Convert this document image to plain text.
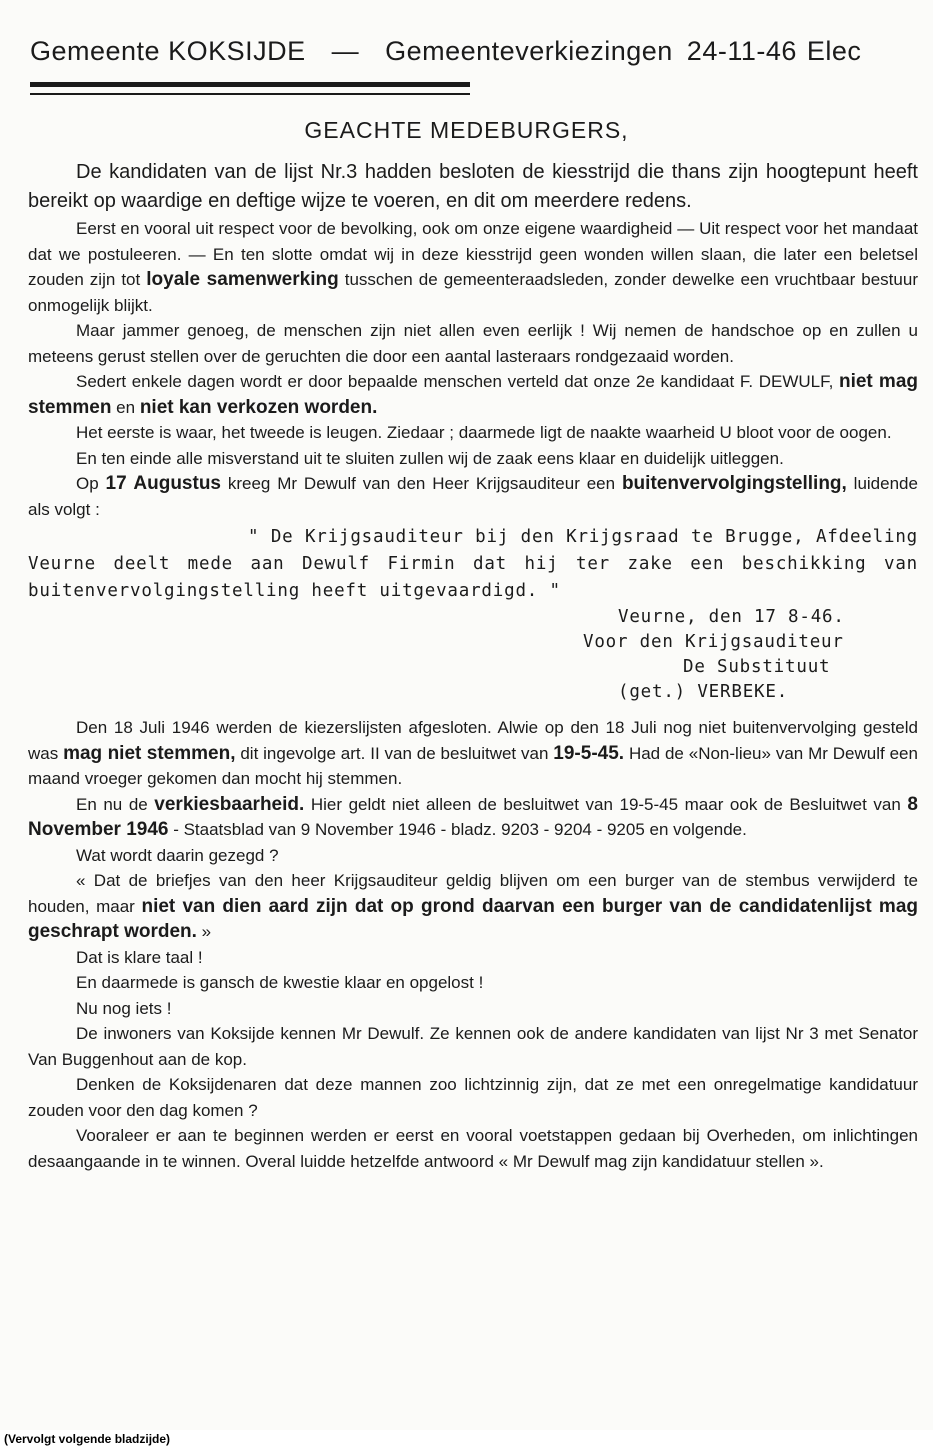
Gemeente KOKSIJDE — Gemeenteverkiezingen 24-11-46 Elec
GEACHTE MEDEBURGERS,

De kandidaten van de lijst Nr.3 hadden besloten de kiesstrijd die thans zijn hoogtepunt heeft bereikt op waardige en deftige wijze te voeren, en dit om meerdere redens.

Eerst en vooral uit respect voor de bevolking, ook om onze eigene waardigheid — Uit respect voor het mandaat dat we postuleeren. — En ten slotte omdat wij in deze kiesstrijd geen wonden willen slaan, die later een beletsel zouden zijn tot loyale samenwerking tusschen de gemeenteraadsleden, zonder dewelke een vruchtbaar bestuur onmogelijk blijkt.

Maar jammer genoeg, de menschen zijn niet allen even eerlijk ! Wij nemen de handschoe op en zullen u meteens gerust stellen over de geruchten die door een aantal lasteraars rondgezaaid worden.

Sedert enkele dagen wordt er door bepaalde menschen verteld dat onze 2e kandidaat F. DEWULF, niet mag stemmen en niet kan verkozen worden.

Het eerste is waar, het tweede is leugen. Ziedaar ; daarmede ligt de naakte waarheid U bloot voor de oogen.

En ten einde alle misverstand uit te sluiten zullen wij de zaak eens klaar en duidelijk uitleggen.

Op 17 Augustus kreeg Mr Dewulf van den Heer Krijgsauditeur een buitenvervolgingstelling, luidende als volgt :

" De Krijgsauditeur bij den Krijgsraad te Brugge, Afdeeling Veurne deelt mede aan Dewulf Firmin dat hij ter zake een beschikking van buitenvervolgingstelling heeft uitgevaardigd. "

Veurne, den 17 8-46.

Voor den Krijgsauditeur

De Substituut

(get.) VERBEKE.

Den 18 Juli 1946 werden de kiezerslijsten afgesloten. Alwie op den 18 Juli nog niet buitenvervolging gesteld was mag niet stemmen, dit ingevolge art. II van de besluitwet van 19-5-45. Had de «Non-lieu» van Mr Dewulf een maand vroeger gekomen dan mocht hij stemmen.

En nu de verkiesbaarheid. Hier geldt niet alleen de besluitwet van 19-5-45 maar ook de Besluitwet van 8 November 1946 - Staatsblad van 9 November 1946 - bladz. 9203 - 9204 - 9205 en volgende.

Wat wordt daarin gezegd ?

« Dat de briefjes van den heer Krijgsauditeur geldig blijven om een burger van de stembus verwijderd te houden, maar niet van dien aard zijn dat op grond daarvan een burger van de candidatenlijst mag geschrapt worden. »

Dat is klare taal !

En daarmede is gansch de kwestie klaar en opgelost !

Nu nog iets !

De inwoners van Koksijde kennen Mr Dewulf. Ze kennen ook de andere kandidaten van lijst Nr 3 met Senator Van Buggenhout aan de kop.

Denken de Koksijdenaren dat deze mannen zoo lichtzinnig zijn, dat ze met een onregelmatige kandidatuur zouden voor den dag komen ?

Vooraleer er aan te beginnen werden er eerst en vooral voetstappen gedaan bij Overheden, om inlichtingen desaangaande in te winnen. Overal luidde hetzelfde antwoord « Mr Dewulf mag zijn kandidatuur stellen ».

(Vervolgt volgende bladzijde)
